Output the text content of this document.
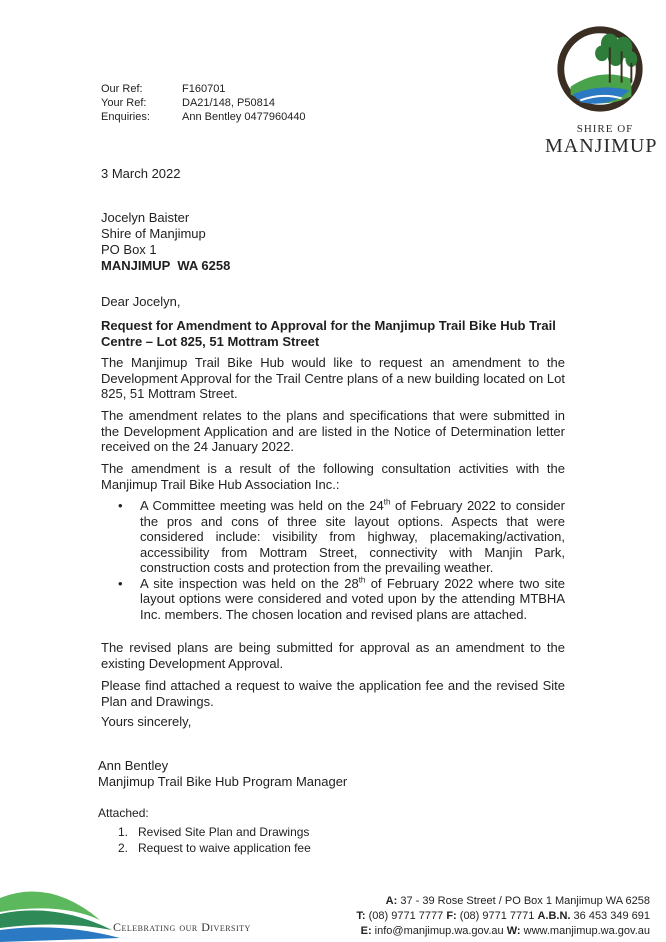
SHIRE OF
MANJIMUP
Our Ref:	F160701
Your Ref:	DA21/148, P50814
Enquiries:	Ann Bentley 0477960440
3 March 2022
Jocelyn Baister
Shire of Manjimup
PO Box 1
MANJIMUP  WA 6258
Dear Jocelyn,
Request for Amendment to Approval for the Manjimup Trail Bike Hub Trail Centre – Lot 825, 51 Mottram Street
The Manjimup Trail Bike Hub would like to request an amendment to the Development Approval for the Trail Centre plans of a new building located on Lot 825, 51 Mottram Street.
The amendment relates to the plans and specifications that were submitted in the Development Application and are listed in the Notice of Determination letter received on the 24 January 2022.
The amendment is a result of the following consultation activities with the Manjimup Trail Bike Hub Association Inc.:
• A Committee meeting was held on the 24th of February 2022 to consider the pros and cons of three site layout options. Aspects that were considered include: visibility from highway, placemaking/activation, accessibility from Mottram Street, connectivity with Manjin Park, construction costs and protection from the prevailing weather.
• A site inspection was held on the 28th of February 2022 where two site layout options were considered and voted upon by the attending MTBHA Inc. members. The chosen location and revised plans are attached.
The revised plans are being submitted for approval as an amendment to the existing Development Approval.
Please find attached a request to waive the application fee and the revised Site Plan and Drawings.
Yours sincerely,
Ann Bentley
Manjimup Trail Bike Hub Program Manager
Attached:
1. Revised Site Plan and Drawings
2. Request to waive application fee
Celebrating our Diversity
A: 37 - 39 Rose Street / PO Box 1 Manjimup WA 6258
T: (08) 9771 7777 F: (08) 9771 7771 A.B.N. 36 453 349 691
E: info@manjimup.wa.gov.au W: www.manjimup.wa.gov.au
